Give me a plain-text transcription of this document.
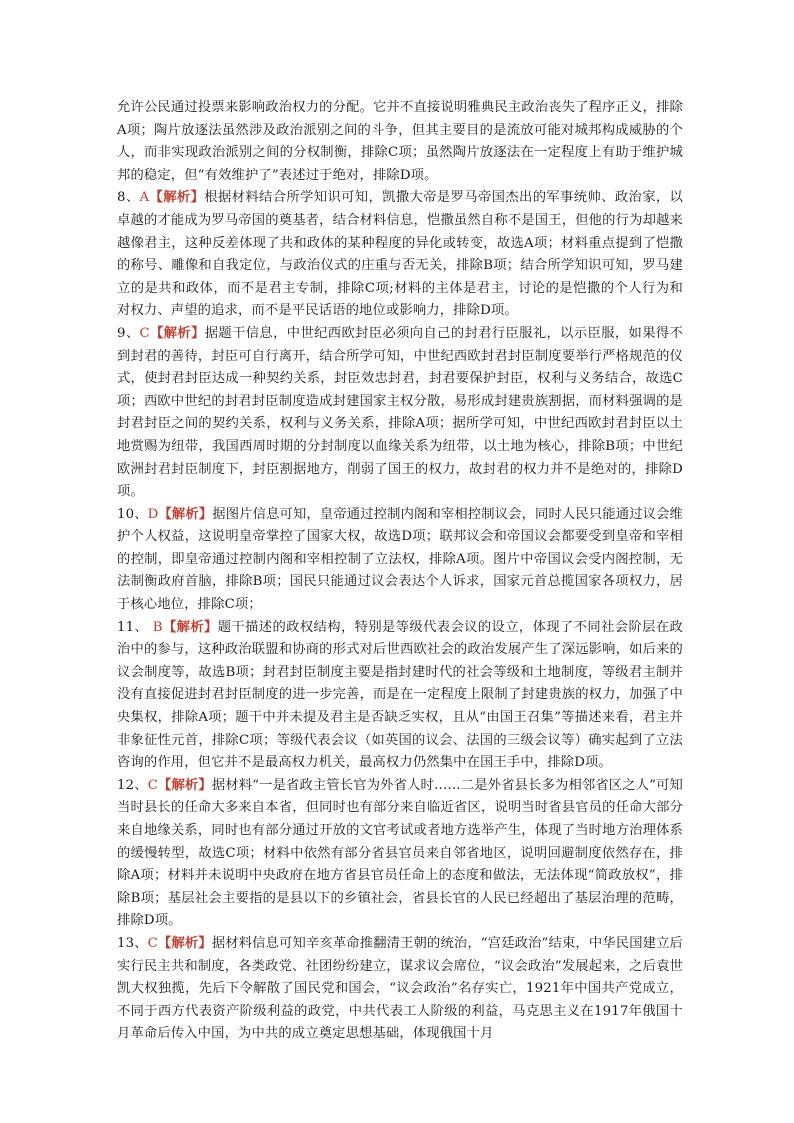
允许公民通过投票来影响政治权力的分配。它并不直接说明雅典民主政治丧失了程序正义，排除A项；陶片放逐法虽然涉及政治派别之间的斗争，但其主要目的是流放可能对城邦构成威胁的个人，而非实现政治派别之间的分权制衡，排除C项；虽然陶片放逐法在一定程度上有助于维护城邦的稳定，但“有效维护了”表述过于绝对，排除D项。

8、A【解析】根据材料结合所学知识可知，凯撒大帝是罗马帝国杰出的军事统帅、政治家，以卓越的才能成为罗马帝国的奠基者，结合材料信息，恺撒虽然自称不是国王，但他的行为却越来越像君主，这种反差体现了共和政体的某种程度的异化或转变，故选A项；材料重点提到了恺撒的称号、雕像和自我定位，与政治仪式的庄重与否无关，排除B项；结合所学知识可知，罗马建立的是共和政体，而不是君主专制，排除C项;材料的主体是君主，讨论的是恺撒的个人行为和对权力、声望的追求，而不是平民话语的地位或影响力，排除D项。

9、C【解析】据题干信息，中世纪西欧封臣必须向自己的封君行臣服礼，以示臣服，如果得不到封君的善待，封臣可自行离开，结合所学可知，中世纪西欧封君封臣制度要举行严格规范的仪式，使封君封臣达成一种契约关系，封臣效忠封君，封君要保护封臣，权利与义务结合，故选C项；西欧中世纪的封君封臣制度造成封建国家主权分散，易形成封建贵族割据，而材料强调的是封君封臣之间的契约关系，权利与义务关系，排除A项；据所学可知，中世纪西欧封君封臣以土地赏赐为纽带，我国西周时期的分封制度以血缘关系为纽带，以土地为核心，排除B项；中世纪欧洲封君封臣制度下，封臣割据地方，削弱了国王的权力，故封君的权力并不是绝对的，排除D项。

10、D【解析】据图片信息可知，皇帝通过控制内阁和宰相控制议会，同时人民只能通过议会维护个人权益，这说明皇帝掌控了国家大权，故选D项；联邦议会和帝国议会都要受到皇帝和宰相的控制，即皇帝通过控制内阁和宰相控制了立法权，排除A项。图片中帝国议会受内阁控制，无法制衡政府首脑，排除B项；国民只能通过议会表达个人诉求，国家元首总揽国家各项权力，居于核心地位，排除C项；

11、 B【解析】题干描述的政权结构，特别是等级代表会议的设立，体现了不同社会阶层在政治中的参与，这种政治联盟和协商的形式对后世西欧社会的政治发展产生了深远影响，如后来的议会制度等，故选B项；封君封臣制度主要是指封建时代的社会等级和土地制度，等级君主制并没有直接促进封君封臣制度的进一步完善，而是在一定程度上限制了封建贵族的权力，加强了中央集权，排除A项；题干中并未提及君主是否缺乏实权，且从“由国王召集”等描述来看，君主并非象征性元首，排除C项；等级代表会议（如英国的议会、法国的三级会议等）确实起到了立法咨询的作用，但它并不是最高权力机关，最高权力仍然集中在国王手中，排除D项。

12、C【解析】据材料“一是省政主管长官为外省人时……二是外省县长多为相邻省区之人”可知当时县长的任命大多来自本省，但同时也有部分来自临近省区，说明当时省县官员的任命大部分来自地缘关系，同时也有部分通过开放的文官考试或者地方选举产生，体现了当时地方治理体系的缓慢转型，故选C项；材料中依然有部分省县官员来自邻省地区，说明回避制度依然存在，排除A项；材料并未说明中央政府在地方省县官员任命上的态度和做法，无法体现“简政放权”，排除B项；基层社会主要指的是县以下的乡镇社会，省县长官的人民已经超出了基层治理的范畴，排除D项。

13、C【解析】据材料信息可知辛亥革命推翻清王朝的统治，“宫廷政治”结束，中华民国建立后实行民主共和制度，各类政党、社团纷纷建立，谋求议会席位，“议会政治”发展起来，之后袁世凯大权独揽，先后下令解散了国民党和国会，“议会政治”名存实亡，1921年中国共产党成立，不同于西方代表资产阶级利益的政党，中共代表工人阶级的利益，马克思主义在1917年俄国十月革命后传入中国，为中共的成立奠定思想基础，体现俄国十月
